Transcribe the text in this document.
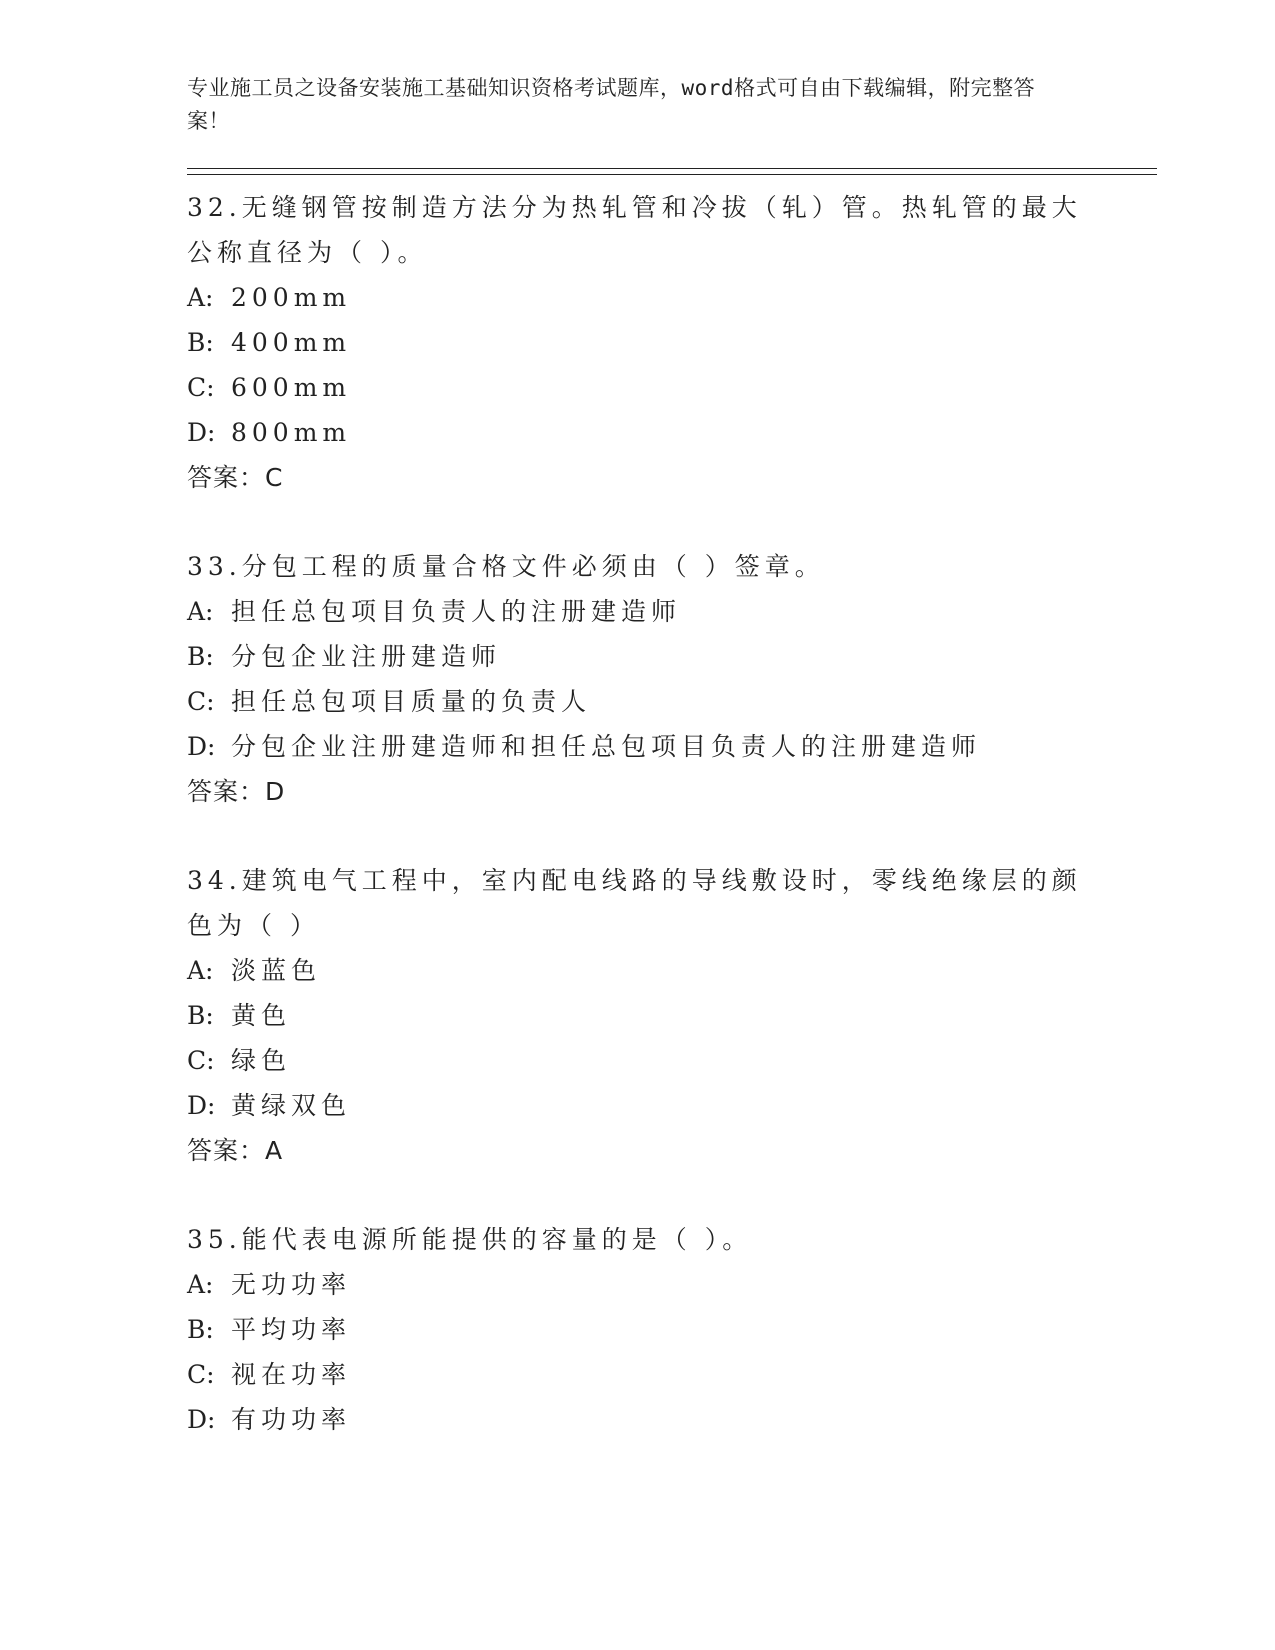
专业施工员之设备安装施工基础知识资格考试题库，word格式可自由下载编辑，附完整答案！

32.无缝钢管按制造方法分为热轧管和冷拔（轧）管。热轧管的最大公称直径为（ ）。

A: 200mm

B: 400mm

C: 600mm

D: 800mm

答案：C

33.分包工程的质量合格文件必须由（ ）签章。

A: 担任总包项目负责人的注册建造师

B: 分包企业注册建造师

C: 担任总包项目质量的负责人

D: 分包企业注册建造师和担任总包项目负责人的注册建造师

答案：D

34.建筑电气工程中，室内配电线路的导线敷设时，零线绝缘层的颜色为（ ）

A: 淡蓝色

B: 黄色

C: 绿色

D: 黄绿双色

答案：A

35.能代表电源所能提供的容量的是（ ）。

A: 无功功率

B: 平均功率

C: 视在功率

D: 有功功率
